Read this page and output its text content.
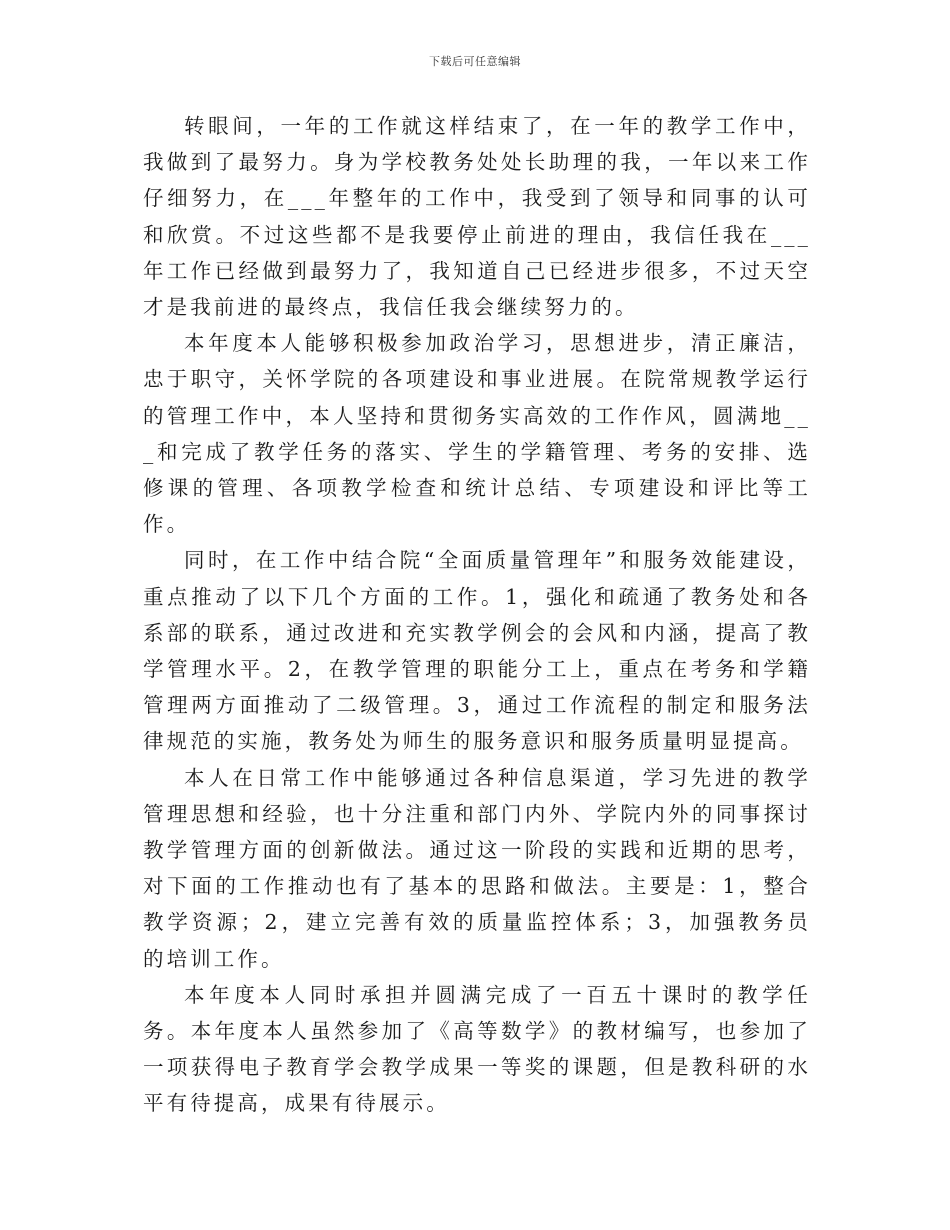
下载后可任意编辑

转眼间，一年的工作就这样结束了，在一年的教学工作中，我做到了最努力。身为学校教务处处长助理的我，一年以来工作仔细努力，在___年整年的工作中，我受到了领导和同事的认可和欣赏。不过这些都不是我要停止前进的理由，我信任我在___年工作已经做到最努力了，我知道自己已经进步很多，不过天空才是我前进的最终点，我信任我会继续努力的。

本年度本人能够积极参加政治学习，思想进步，清正廉洁，忠于职守，关怀学院的各项建设和事业进展。在院常规教学运行的管理工作中，本人坚持和贯彻务实高效的工作作风，圆满地___和完成了教学任务的落实、学生的学籍管理、考务的安排、选修课的管理、各项教学检查和统计总结、专项建设和评比等工作。

同时，在工作中结合院“全面质量管理年”和服务效能建设，重点推动了以下几个方面的工作。1，强化和疏通了教务处和各系部的联系，通过改进和充实教学例会的会风和内涵，提高了教学管理水平。2，在教学管理的职能分工上，重点在考务和学籍管理两方面推动了二级管理。3，通过工作流程的制定和服务法律规范的实施，教务处为师生的服务意识和服务质量明显提高。

本人在日常工作中能够通过各种信息渠道，学习先进的教学管理思想和经验，也十分注重和部门内外、学院内外的同事探讨教学管理方面的创新做法。通过这一阶段的实践和近期的思考，对下面的工作推动也有了基本的思路和做法。主要是：1，整合教学资源；2，建立完善有效的质量监控体系；3，加强教务员的培训工作。

本年度本人同时承担并圆满完成了一百五十课时的教学任务。本年度本人虽然参加了《高等数学》的教材编写，也参加了一项获得电子教育学会教学成果一等奖的课题，但是教科研的水平有待提高，成果有待展示。
